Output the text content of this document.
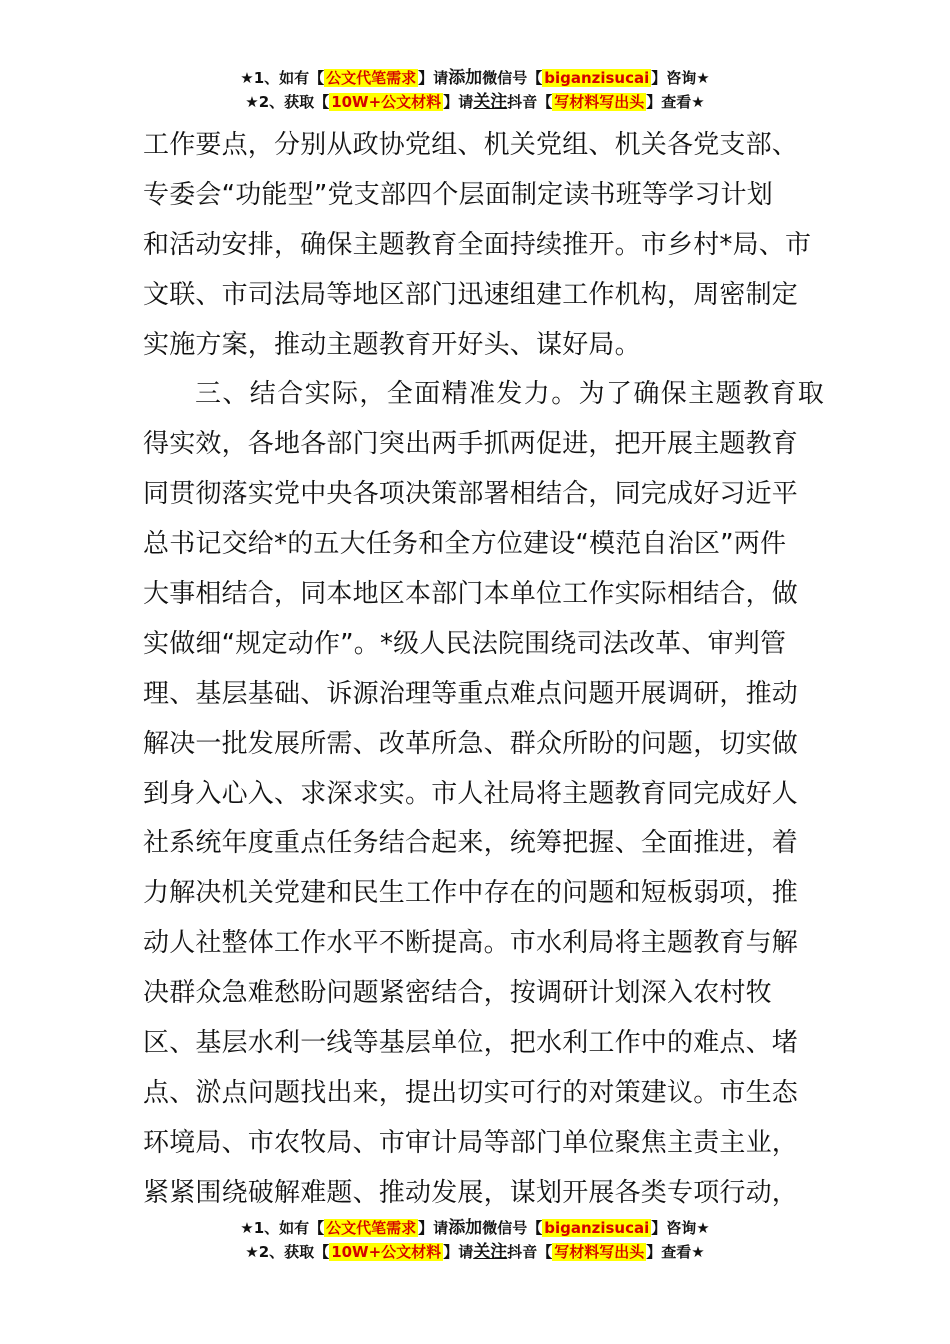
★1、如有【 公文代笔需求 】请添加微信号【 biganzisucai 】咨询★
★2、获取【 10W+公文材料 】请关注抖音【 写材料写出头 】查看★
工作要点，分别从政协党组、机关党组、机关各党支部、
专委会“功能型”党支部四个层面制定读书班等学习计划
和活动安排，确保主题教育全面持续推开。市乡村*局、市
文联、市司法局等地区部门迅速组建工作机构，周密制定
实施方案，推动主题教育开好头、谋好局。
三、结合实际，全面精准发力。为了确保主题教育取
得实效，各地各部门突出两手抓两促进，把开展主题教育
同贯彻落实党中央各项决策部署相结合，同完成好习近平
总书记交给*的五大任务和全方位建设“模范自治区”两件
大事相结合，同本地区本部门本单位工作实际相结合，做
实做细“规定动作”。*级人民法院围绕司法改革、审判管
理、基层基础、诉源治理等重点难点问题开展调研，推动
解决一批发展所需、改革所急、群众所盼的问题，切实做
到身入心入、求深求实。市人社局将主题教育同完成好人
社系统年度重点任务结合起来，统筹把握、全面推进，着
力解决机关党建和民生工作中存在的问题和短板弱项，推
动人社整体工作水平不断提高。市水利局将主题教育与解
决群众急难愁盼问题紧密结合，按调研计划深入农村牧
区、基层水利一线等基层单位，把水利工作中的难点、堵
点、淤点问题找出来，提出切实可行的对策建议。市生态
环境局、市农牧局、市审计局等部门单位聚焦主责主业，
紧紧围绕破解难题、推动发展，谋划开展各类专项行动，
★1、如有【 公文代笔需求 】请添加微信号【 biganzisucai 】咨询★
★2、获取【 10W+公文材料 】请关注抖音【 写材料写出头 】查看★
